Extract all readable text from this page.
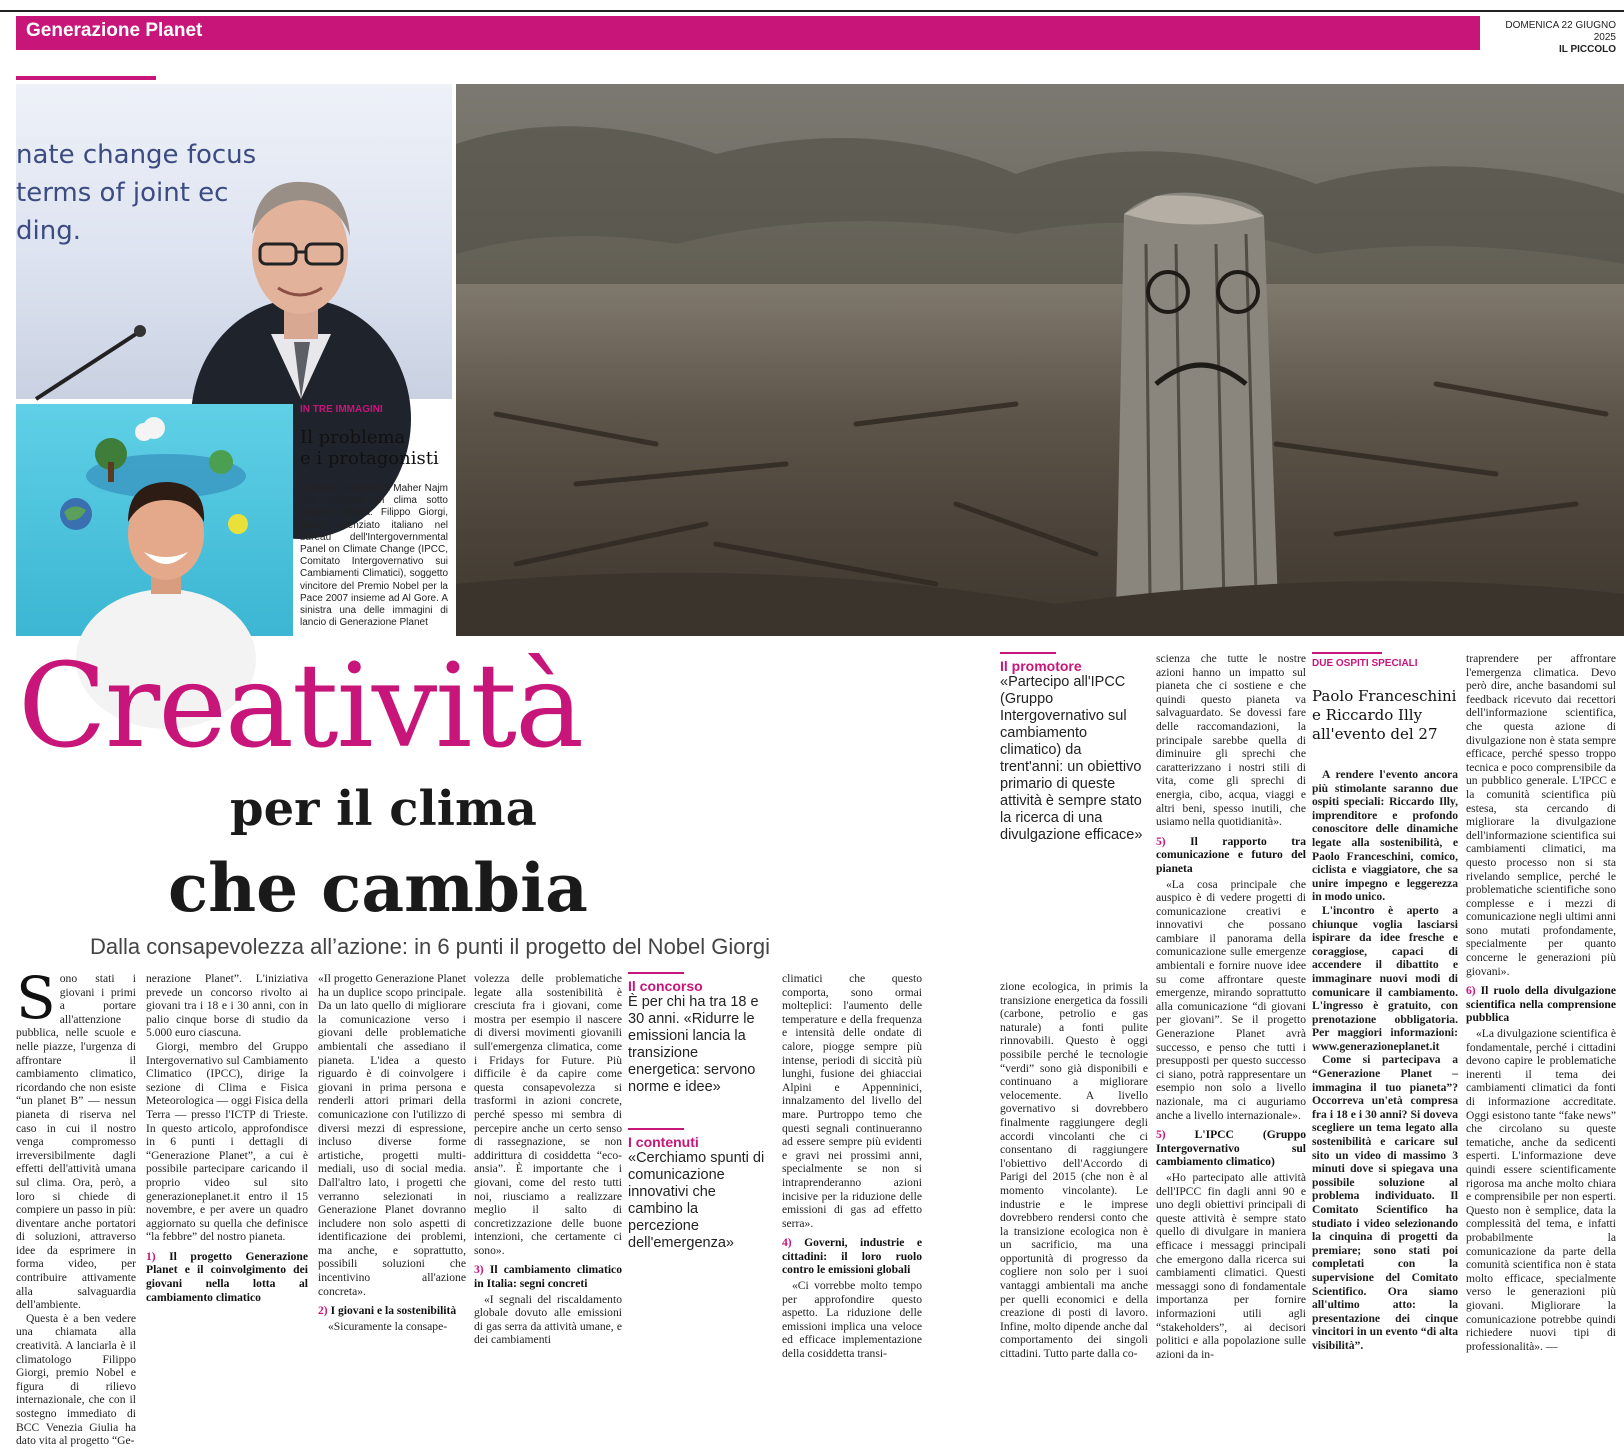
Generazione Planet	DOMENICA 22 GIUGNO 2025
IL PICCOLO
nate change focus
terms of joint ec
ding.
IN TRE IMMAGINI
Il problema
e i protagonisti
A destra: una foto di Maher Najm che racconta un clima sotto attacco. Sopra: Filippo Giorgi, unico scienziato italiano nel bureau dell'Intergovernmental Panel on Climate Change (IPCC, Comitato Intergovernativo sui Cambiamenti Climatici), soggetto vincitore del Premio Nobel per la Pace 2007 insieme ad Al Gore. A sinistra una delle immagini di lancio di Generazione Planet
Creatività
per il clima
che cambia
Dalla consapevolezza all’azione: in 6 punti il progetto del Nobel Giorgi
S ono stati i giovani i primi a portare all'attenzione pubblica, nelle scuole e nelle piazze, l'urgenza di affrontare il cambiamento climatico, ricordando che non esiste “un planet B” — nessun pianeta di riserva nel caso in cui il nostro venga compromesso irreversibilmente dagli effetti dell'attività umana sul clima. Ora, però, a loro si chiede di compiere un passo in più: diventare anche portatori di soluzioni, attraverso idee da esprimere in forma video, per contribuire attivamente alla salvaguardia dell'ambiente.

Questa è a ben vedere una chiamata alla creatività. A lanciarla è il climatologo Filippo Giorgi, premio Nobel e figura di rilievo internazionale, che con il sostegno immediato di BCC Venezia Giulia ha dato vita al progetto “Ge-

nerazione Planet”. L'iniziativa prevede un concorso rivolto ai giovani tra i 18 e i 30 anni, con in palio cinque borse di studio da 5.000 euro ciascuna.

Giorgi, membro del Gruppo Intergovernativo sul Cambiamento Climatico (IPCC), dirige la sezione di Clima e Fisica Meteorologica — oggi Fisica della Terra — presso l'ICTP di Trieste. In questo articolo, approfondisce in 6 punti i dettagli di “Generazione Planet”, a cui è possibile partecipare caricando il proprio video sul sito generazioneplanet.it entro il 15 novembre, e per avere un quadro aggiornato su quella che definisce “la febbre” del nostro pianeta.

1) Il progetto Generazione Planet e il coinvolgimento dei giovani nella lotta al cambiamento climatico

«Il progetto Generazione Planet ha un duplice scopo principale. Da un lato quello di migliorare la comunicazione verso i giovani delle problematiche ambientali che assediano il pianeta. L'idea a questo riguardo è di coinvolgere i giovani in prima persona e renderli attori primari della comunicazione con l'utilizzo di diversi mezzi di espressione, incluso diverse forme artistiche, progetti multi-mediali, uso di social media. Dall'altro lato, i progetti che verranno selezionati in Generazione Planet dovranno includere non solo aspetti di identificazione dei problemi, ma anche, e soprattutto, possibili soluzioni che incentivino all'azione concreta».

2) I giovani e la sostenibilità

«Sicuramente la consape-

volezza delle problematiche legate alla sostenibilità è cresciuta fra i giovani, come mostra per esempio il nascere di diversi movimenti giovanili sull'emergenza climatica, come i Fridays for Future. Più difficile è da capire come questa consapevolezza si trasformi in azioni concrete, perché spesso mi sembra di percepire anche un certo senso di rassegnazione, se non addirittura di cosiddetta “eco-ansia”. È importante che i giovani, come del resto tutti noi, riusciamo a realizzare meglio il salto di concretizzazione delle buone intenzioni, che certamente ci sono».

3) Il cambiamento climatico in Italia: segni concreti

«I segnali del riscaldamento globale dovuto alle emissioni di gas serra da attività umane, e dei cambiamenti

Il concorso
È per chi ha tra 18 e 30 anni. «Ridurre le emissioni lancia la transizione energetica: servono norme e idee»
I contenuti
«Cerchiamo spunti di comunicazione innovativi che cambino la percezione dell'emergenza»

climatici che questo comporta, sono ormai molteplici: l'aumento delle temperature e della frequenza e intensità delle ondate di calore, piogge sempre più intense, periodi di siccità più lunghi, fusione dei ghiacciai Alpini e Appenninici, innalzamento del livello del mare. Purtroppo temo che questi segnali continueranno ad essere sempre più evidenti e gravi nei prossimi anni, specialmente se non si intraprenderanno azioni incisive per la riduzione delle emissioni di gas ad effetto serra».

4) Governi, industrie e cittadini: il loro ruolo contro le emissioni globali

«Ci vorrebbe molto tempo per approfondire questo aspetto. La riduzione delle emissioni implica una veloce ed efficace implementazione della cosiddetta transi-

Il promotore
«Partecipo all'IPCC (Gruppo Intergovernativo sul cambiamento climatico) da trent'anni: un obiettivo primario di queste attività è sempre stato la ricerca di una divulgazione efficace»

zione ecologica, in primis la transizione energetica da fossili (carbone, petrolio e gas naturale) a fonti pulite rinnovabili. Questo è oggi possibile perché le tecnologie “verdi” sono già disponibili e continuano a migliorare velocemente. A livello governativo si dovrebbero finalmente raggiungere degli accordi vincolanti che ci consentano di raggiungere l'obiettivo dell'Accordo di Parigi del 2015 (che non è al momento vincolante). Le industrie e le imprese dovrebbero rendersi conto che la transizione ecologica non è un sacrificio, ma una opportunità di progresso da cogliere non solo per i suoi vantaggi ambientali ma anche per quelli economici e della creazione di posti di lavoro. Infine, molto dipende anche dal comportamento dei singoli cittadini. Tutto parte dalla co-

scienza che tutte le nostre azioni hanno un impatto sul pianeta che ci sostiene e che quindi questo pianeta va salvaguardato. Se dovessi fare delle raccomandazioni, la principale sarebbe quella di diminuire gli sprechi che caratterizzano i nostri stili di vita, come gli sprechi di energia, cibo, acqua, viaggi e altri beni, spesso inutili, che usiamo nella quotidianità».

5) Il rapporto tra comunicazione e futuro del pianeta

«La cosa principale che auspico è di vedere progetti di comunicazione creativi e innovativi che possano cambiare il panorama della comunicazione sulle emergenze ambientali e fornire nuove idee su come affrontare queste emergenze, mirando soprattutto alla comunicazione “di giovani per giovani”. Se il progetto Generazione Planet avrà successo, e penso che tutti i presupposti per questo successo ci siano, potrà rappresentare un esempio non solo a livello nazionale, ma ci auguriamo anche a livello internazionale».

5) L'IPCC (Gruppo Intergovernativo sul cambiamento climatico)

«Ho partecipato alle attività dell'IPCC fin dagli anni 90 e uno degli obiettivi principali di queste attività è sempre stato quello di divulgare in maniera efficace i messaggi principali che emergono dalla ricerca sui cambiamenti climatici. Questi messaggi sono di fondamentale importanza per fornire informazioni utili agli “stakeholders”, ai decisori politici e alla popolazione sulle azioni da in-

DUE OSPITI SPECIALI
Paolo Franceschini
e Riccardo Illy
all'evento del 27

A rendere l'evento ancora più stimolante saranno due ospiti speciali: Riccardo Illy, imprenditore e profondo conoscitore delle dinamiche legate alla sostenibilità, e Paolo Franceschini, comico, ciclista e viaggiatore, che sa unire impegno e leggerezza in modo unico.

L'incontro è aperto a chiunque voglia lasciarsi ispirare da idee fresche e coraggiose, capaci di accendere il dibattito e immaginare nuovi modi di comunicare il cambiamento. L'ingresso è gratuito, con prenotazione obbligatoria. Per maggiori informazioni: www.generazioneplanet.it

Come si partecipava a “Generazione Planet – immagina il tuo pianeta”? Occorreva un'età compresa fra i 18 e i 30 anni? Si doveva scegliere un tema legato alla sostenibilità e caricare sul sito un video di massimo 3 minuti dove si spiegava una possibile soluzione al problema individuato. Il Comitato Scientifico ha studiato i video selezionando la cinquina di progetti da premiare; sono stati poi completati con la supervisione del Comitato Scientifico. Ora siamo all'ultimo atto: la presentazione dei cinque vincitori in un evento “di alta visibilità”.

traprendere per affrontare l'emergenza climatica. Devo però dire, anche basandomi sul feedback ricevuto dai recettori dell'informazione scientifica, che questa azione di divulgazione non è stata sempre efficace, perché spesso troppo tecnica e poco comprensibile da un pubblico generale. L'IPCC e la comunità scientifica più estesa, sta cercando di migliorare la divulgazione dell'informazione scientifica sui cambiamenti climatici, ma questo processo non si sta rivelando semplice, perché le problematiche scientifiche sono complesse e i mezzi di comunicazione negli ultimi anni sono mutati profondamente, specialmente per quanto concerne le generazioni più giovani».

6) Il ruolo della divulgazione scientifica nella comprensione pubblica

«La divulgazione scientifica è fondamentale, perché i cittadini devono capire le problematiche inerenti il tema dei cambiamenti climatici da fonti di informazione accreditate. Oggi esistono tante “fake news” che circolano su queste tematiche, anche da sedicenti esperti. L'informazione deve quindi essere scientificamente rigorosa ma anche molto chiara e comprensibile per non esperti. Questo non è semplice, data la complessità del tema, e infatti probabilmente la comunicazione da parte della comunità scientifica non è stata molto efficace, specialmente verso le generazioni più giovani. Migliorare la comunicazione potrebbe quindi richiedere nuovi tipi di professionalità». —
